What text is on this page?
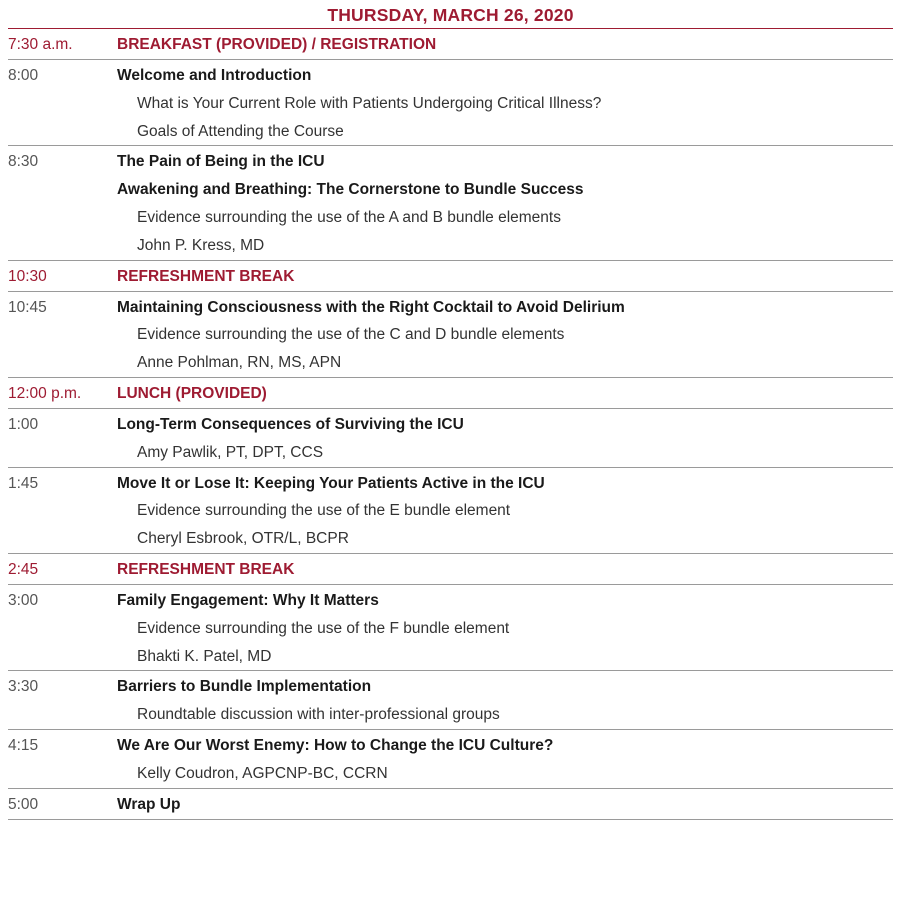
THURSDAY, MARCH 26, 2020
7:30 a.m.	BREAKFAST (PROVIDED) / REGISTRATION
8:00	Welcome and Introduction
What is Your Current Role with Patients Undergoing Critical Illness?
Goals of Attending the Course
8:30	The Pain of Being in the ICU
Awakening and Breathing: The Cornerstone to Bundle Success
Evidence surrounding the use of the A and B bundle elements
John P. Kress, MD
10:30	REFRESHMENT BREAK
10:45	Maintaining Consciousness with the Right Cocktail to Avoid Delirium
Evidence surrounding the use of the C and D bundle elements
Anne Pohlman, RN, MS, APN
12:00 p.m.	LUNCH (PROVIDED)
1:00	Long-Term Consequences of Surviving the ICU
Amy Pawlik, PT, DPT, CCS
1:45	Move It or Lose It: Keeping Your Patients Active in the ICU
Evidence surrounding the use of the E bundle element
Cheryl Esbrook, OTR/L, BCPR
2:45	REFRESHMENT BREAK
3:00	Family Engagement: Why It Matters
Evidence surrounding the use of the F bundle element
Bhakti K. Patel, MD
3:30	Barriers to Bundle Implementation
Roundtable discussion with inter-professional groups
4:15	We Are Our Worst Enemy: How to Change the ICU Culture?
Kelly Coudron, AGPCNP-BC, CCRN
5:00	Wrap Up
